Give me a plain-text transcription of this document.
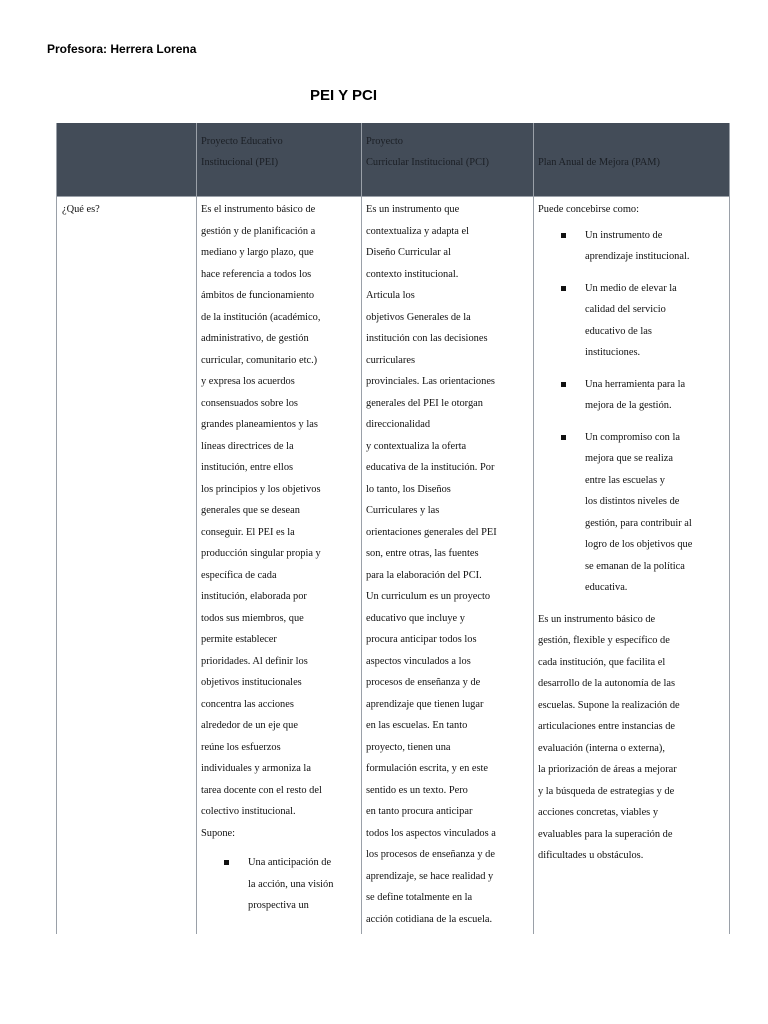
Profesora: Herrera Lorena
PEI Y PCI
Proyecto Educativo
Institucional (PEI)
Proyecto
Curricular Institucional (PCI)
	Plan Anual de Mejora (PAM)
¿Qué es?	Es el instrumento básico de
gestión y de planificación a
mediano y largo plazo, que
hace referencia a todos los
ámbitos de funcionamiento
de la institución (académico,
administrativo, de gestión
curricular, comunitario etc.)
y expresa los acuerdos
consensuados sobre los
grandes planeamientos y las
líneas directrices de la
institución, entre ellos
los principios y los objetivos
generales que se desean
conseguir. El PEI es la
producción singular propia y
específica de cada
institución, elaborada por
todos sus miembros, que
permite establecer
prioridades. Al definir los
objetivos institucionales
concentra las acciones
alrededor de un eje que
reúne los esfuerzos
individuales y armoniza la
tarea docente con el resto del
colectivo institucional.
Supone:
Una anticipación de
la acción, una visión
prospectiva un
Es un instrumento que
contextualiza y adapta el
Diseño Curricular al
contexto institucional.
Articula los
objetivos Generales de la
institución con las decisiones
curriculares
provinciales. Las orientaciones
generales del PEI le otorgan
direccionalidad
y contextualiza la oferta
educativa de la institución. Por
lo tanto, los Diseños
Curriculares y las
orientaciones generales del PEI
son, entre otras, las fuentes
para la elaboración del PCI.
Un curriculum es un proyecto
educativo que incluye y
procura anticipar todos los
aspectos vinculados a los
procesos de enseñanza y de
aprendizaje que tienen lugar
en las escuelas. En tanto
proyecto, tienen una
formulación escrita, y en este
sentido es un texto. Pero
en tanto procura anticipar
todos los aspectos vinculados a
los procesos de enseñanza y de
aprendizaje, se hace realidad y
se define totalmente en la
acción cotidiana de la escuela.
Puede concebirse como:
Un instrumento de
aprendizaje institucional.
Un medio de elevar la
calidad del servicio
educativo de las
instituciones.
Una herramienta para la
mejora de la gestión.
Un compromiso con la
mejora que se realiza
entre las escuelas y
los distintos niveles de
gestión, para contribuir al
logro de los objetivos que
se emanan de la política
educativa.
Es un instrumento básico de
gestión, flexible y específico de
cada institución, que facilita el
desarrollo de la autonomía de las
escuelas. Supone la realización de
articulaciones entre instancias de
evaluación (interna o externa),
la priorización de áreas a mejorar
y la búsqueda de estrategias y de
acciones concretas, viables y
evaluables para la superación de
dificultades u obstáculos.
